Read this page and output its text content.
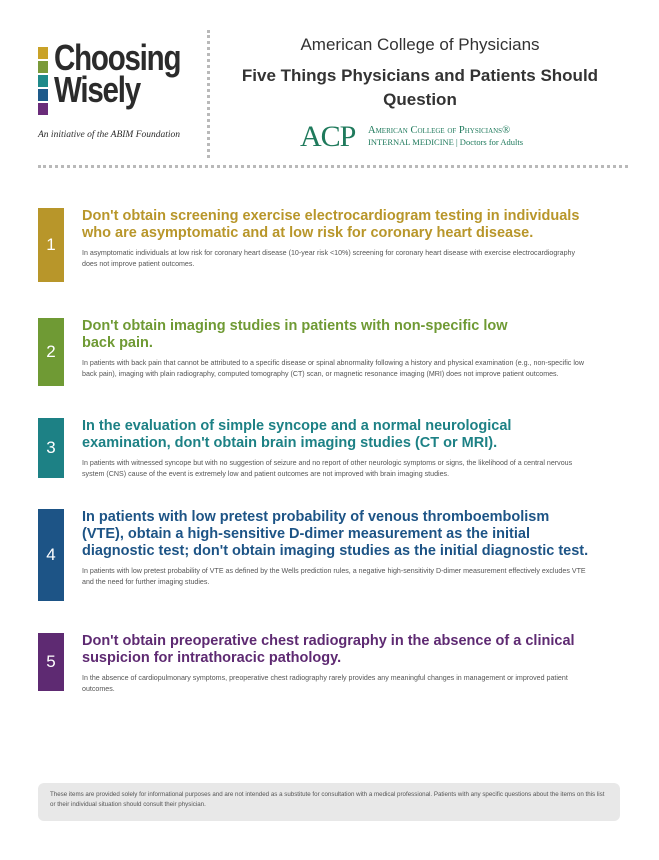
Choosing
Wisely
An initiative of the ABIM Foundation
American College of Physicians
Five Things Physicians and Patients Should Question
ACP American College of Physicians®
INTERNAL MEDICINE | Doctors for Adults
1
Don't obtain screening exercise electrocardiogram testing in individuals who are asymptomatic and at low risk for coronary heart disease.
In asymptomatic individuals at low risk for coronary heart disease (10-year risk <10%) screening for coronary heart disease with exercise electrocardiography does not improve patient outcomes.
2
Don't obtain imaging studies in patients with non-specific low back pain.
In patients with back pain that cannot be attributed to a specific disease or spinal abnormality following a history and physical examination (e.g., non-specific low back pain), imaging with plain radiography, computed tomography (CT) scan, or magnetic resonance imaging (MRI) does not improve patient outcomes.
3
In the evaluation of simple syncope and a normal neurological examination, don't obtain brain imaging studies (CT or MRI).
In patients with witnessed syncope but with no suggestion of seizure and no report of other neurologic symptoms or signs, the likelihood of a central nervous system (CNS) cause of the event is extremely low and patient outcomes are not improved with brain imaging studies.
4
In patients with low pretest probability of venous thromboembolism (VTE), obtain a high-sensitive D-dimer measurement as the initial diagnostic test; don't obtain imaging studies as the initial diagnostic test.
In patients with low pretest probability of VTE as defined by the Wells prediction rules, a negative high-sensitivity D-dimer measurement effectively excludes VTE and the need for further imaging studies.
5
Don't obtain preoperative chest radiography in the absence of a clinical suspicion for intrathoracic pathology.
In the absence of cardiopulmonary symptoms, preoperative chest radiography rarely provides any meaningful changes in management or improved patient outcomes.
These items are provided solely for informational purposes and are not intended as a substitute for consultation with a medical professional. Patients with any specific questions about the items on this list or their individual situation should consult their physician.
